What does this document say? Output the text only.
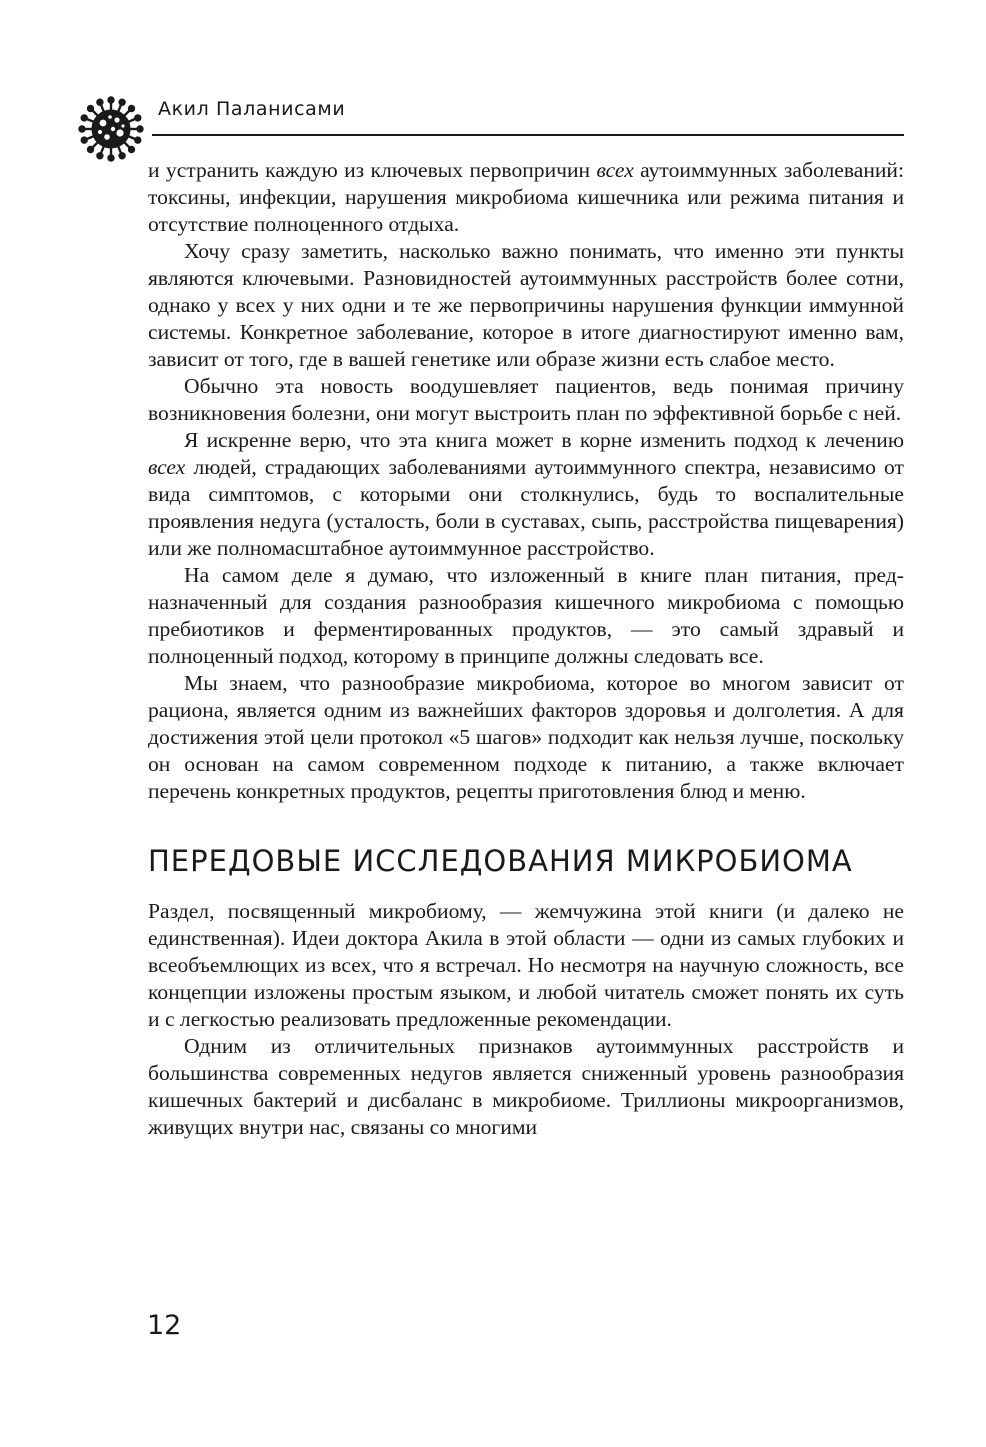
Акил Паланисами

и устранить каждую из ключевых первопричин всех аутоиммунных заболеваний: токсины, инфекции, нарушения микробиома кишечника или режима питания и отсутствие полноценного отдыха.

Хочу сразу заметить, насколько важно понимать, что именно эти пункты являются ключевыми. Разновидностей аутоиммунных расстройств более сотни, однако у всех у них одни и те же первопричины нарушения функции иммунной системы. Конкретное заболевание, которое в итоге диагностируют именно вам, зависит от того, где в вашей генетике или образе жизни есть слабое место.

Обычно эта новость воодушевляет пациентов, ведь понимая причину возникновения болезни, они могут выстроить план по эффективной борьбе с ней.

Я искренне верю, что эта книга может в корне изменить подход к лечению всех людей, страдающих заболеваниями аутоиммунного спектра, независимо от вида симптомов, с которыми они столкнулись, будь то воспалительные проявления недуга (усталость, боли в суставах, сыпь, расстройства пищеварения) или же полномасштабное аутоиммунное расстройство.

На самом деле я думаю, что изложенный в книге план питания, предназначенный для создания разнообразия кишечного микробиома с помощью пребиотиков и ферментированных продуктов, — это самый здравый и полноценный подход, которому в принципе должны следовать все.

Мы знаем, что разнообразие микробиома, которое во многом зависит от рациона, является одним из важнейших факторов здоровья и долголетия. А для достижения этой цели протокол «5 шагов» подходит как нельзя лучше, поскольку он основан на самом современном подходе к питанию, а также включает перечень конкретных продуктов, рецепты приготовления блюд и меню.

ПЕРЕДОВЫЕ ИССЛЕДОВАНИЯ МИКРОБИОМА

Раздел, посвященный микробиому, — жемчужина этой книги (и далеко не единственная). Идеи доктора Акила в этой области — одни из самых глубоких и всеобъемлющих из всех, что я встречал. Но несмотря на научную сложность, все концепции изложены простым языком, и любой читатель сможет понять их суть и с легкостью реализовать предложенные рекомендации.

Одним из отличительных признаков аутоиммунных расстройств и большинства современных недугов является сниженный уровень разнообразия кишечных бактерий и дисбаланс в микробиоме. Триллионы микроорганизмов, живущих внутри нас, связаны со многими

12
